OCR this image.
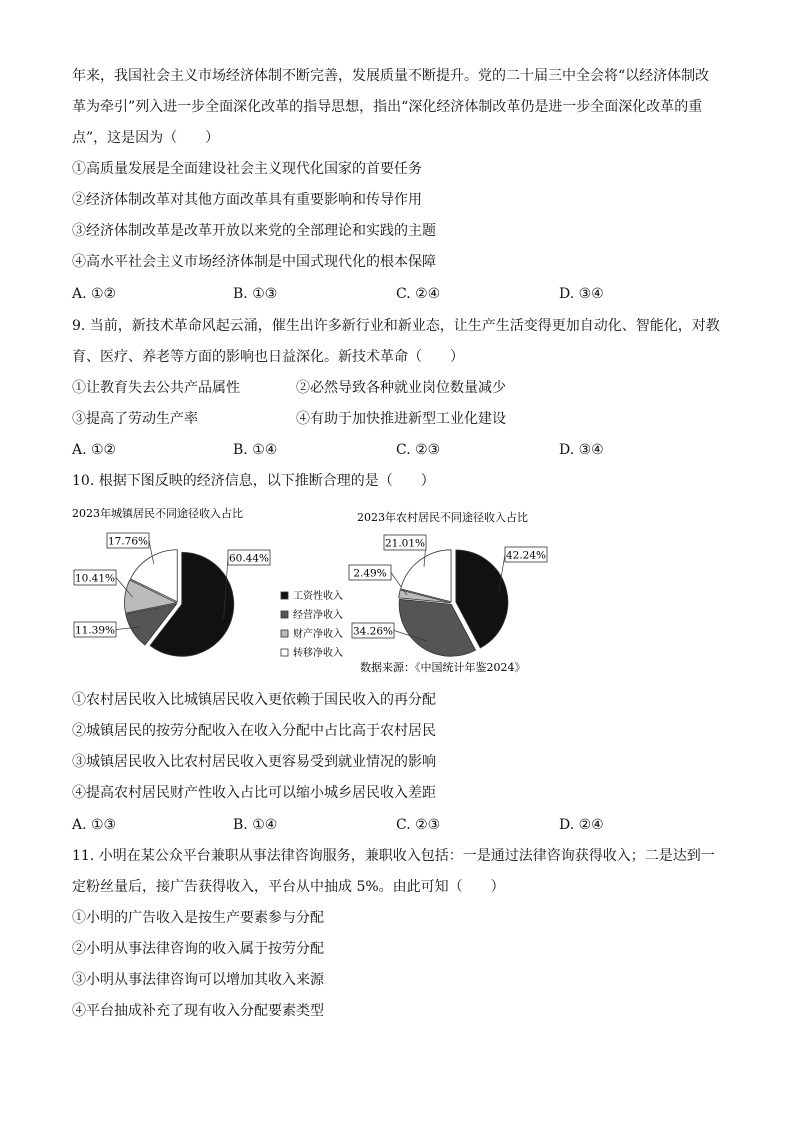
年来，我国社会主义市场经济体制不断完善，发展质量不断提升。党的二十届三中全会将“以经济体制改
革为牵引”列入进一步全面深化改革的指导思想，指出“深化经济体制改革仍是进一步全面深化改革的重
点”，这是因为（　　）
①高质量发展是全面建设社会主义现代化国家的首要任务
②经济体制改革对其他方面改革具有重要影响和传导作用
③经济体制改革是改革开放以来党的全部理论和实践的主题
④高水平社会主义市场经济体制是中国式现代化的根本保障
A. ①②	B. ①③	C. ②④	D. ③④
9. 当前，新技术革命风起云涌，催生出许多新行业和新业态，让生产生活变得更加自动化、智能化，对教
育、医疗、养老等方面的影响也日益深化。新技术革命（　　）
①让教育失去公共产品属性	②必然导致各种就业岗位数量减少
③提高了劳动生产率	④有助于加快推进新型工业化建设
A. ①②	B. ①④	C. ②③	D. ③④
10. 根据下图反映的经济信息，以下推断合理的是（　　）
2023年城镇居民不同途径收入占比	2023年农村居民不同途径收入占比
60.44%
11.39%
10.41%
17.76%
42.24%
34.26%
2.49%
21.01%
工资性收入
经营净收入
财产净收入
转移净收入
数据来源：《中国统计年鉴2024》
①农村居民收入比城镇居民收入更依赖于国民收入的再分配
②城镇居民的按劳分配收入在收入分配中占比高于农村居民
③城镇居民收入比农村居民收入更容易受到就业情况的影响
④提高农村居民财产性收入占比可以缩小城乡居民收入差距
A. ①③	B. ①④	C. ②③	D. ②④
11. 小明在某公众平台兼职从事法律咨询服务，兼职收入包括：一是通过法律咨询获得收入；二是达到一
定粉丝量后，接广告获得收入，平台从中抽成 5%。由此可知（　　）
①小明的广告收入是按生产要素参与分配
②小明从事法律咨询的收入属于按劳分配
③小明从事法律咨询可以增加其收入来源
④平台抽成补充了现有收入分配要素类型
